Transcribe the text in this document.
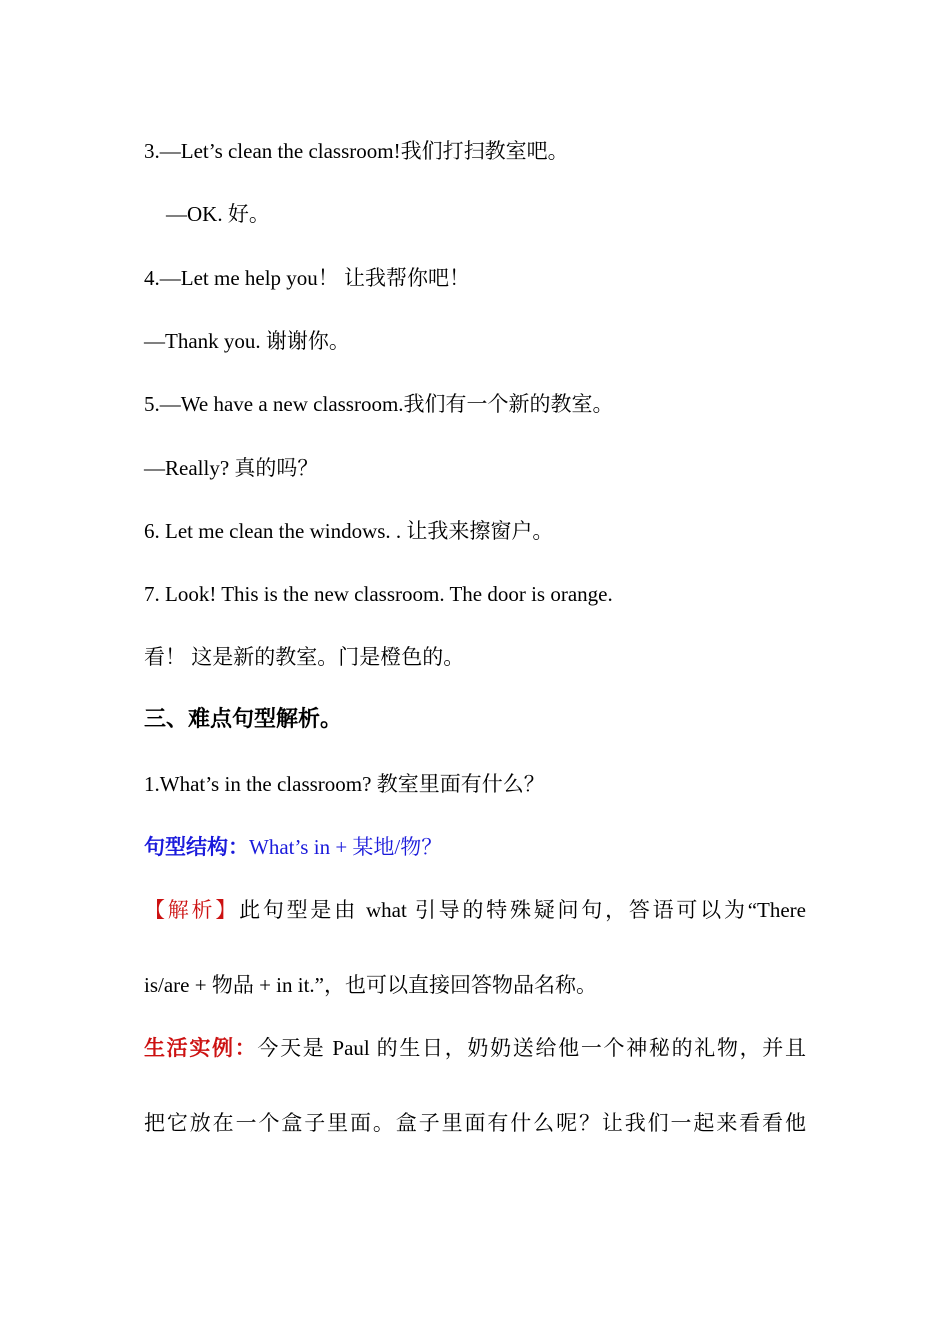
3.—Let’s clean the classroom!我们打扫教室吧。
—OK. 好。
4.—Let me help you！ 让我帮你吧！
—Thank you. 谢谢你。
5.—We have a new classroom.我们有一个新的教室。
—Really? 真的吗？
6. Let me clean the windows. . 让我来擦窗户。
7. Look! This is the new classroom. The door is orange.
看！ 这是新的教室。门是橙色的。
三、难点句型解析。
1.What’s in the classroom? 教室里面有什么？
句型结构：What’s in + 某地/物？
【解析】此句型是由 what 引导的特殊疑问句，答语可以为“There
is/are + 物品 + in it.”，也可以直接回答物品名称。
生活实例：今天是 Paul 的生日，奶奶送给他一个神秘的礼物，并且
把它放在一个盒子里面。盒子里面有什么呢？让我们一起来看看他
